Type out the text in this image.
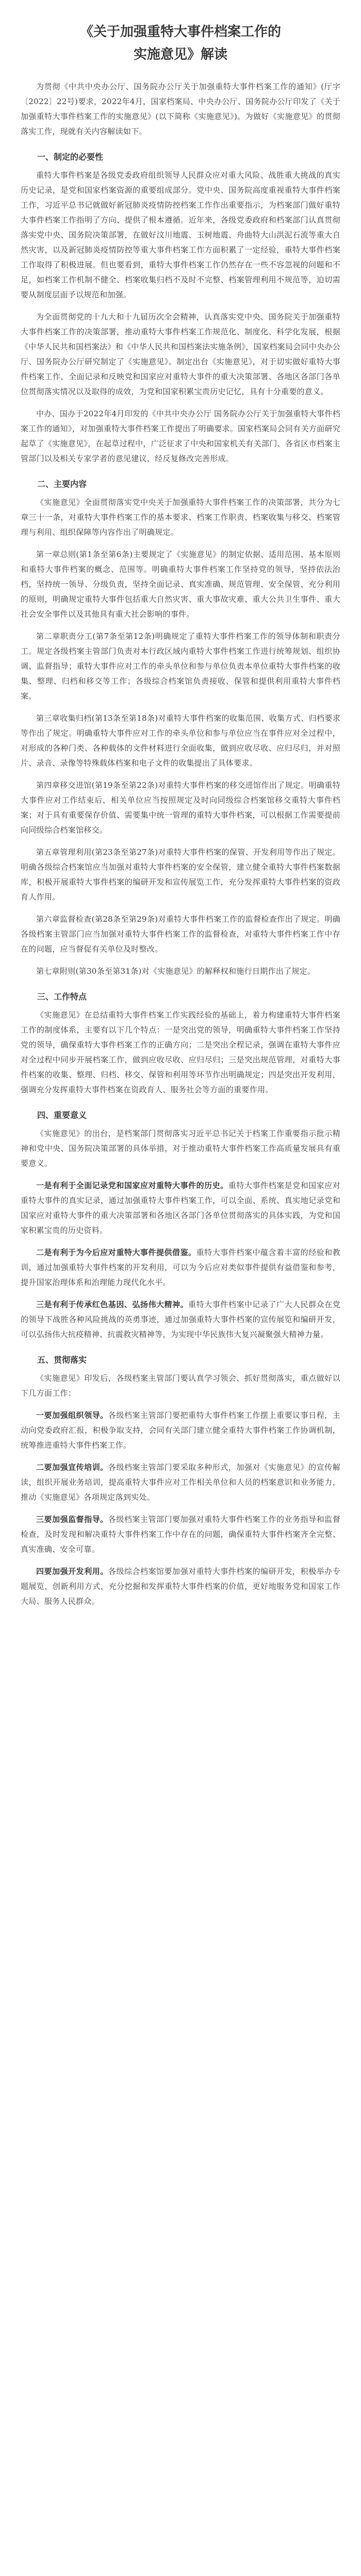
《关于加强重特大事件档案工作的
实施意见》解读

为贯彻《中共中央办公厅、国务院办公厅关于加强重特大事件档案工作的通知》(厅字〔2022〕22号)要求，2022年4月，国家档案局、中央办公厅、国务院办公厅印发了《关于加强重特大事件档案工作的实施意见》(以下简称《实施意见》)。为做好《实施意见》的贯彻落实工作，现就有关内容解读如下。

一、制定的必要性

重特大事件档案是各级党委政府组织领导人民群众应对重大风险、战胜重大挑战的真实历史记录，是党和国家档案资源的重要组成部分。党中央、国务院高度重视重特大事件档案工作，习近平总书记就做好新冠肺炎疫情防控档案工作作出重要指示，为档案部门做好重特大事件档案工作指明了方向、提供了根本遵循。近年来，各级党委政府和档案部门认真贯彻落实党中央、国务院决策部署，在做好汶川地震、玉树地震、舟曲特大山洪泥石流等重大自然灾害，以及新冠肺炎疫情防控等重大事件档案工作方面积累了一定经验，重特大事件档案工作取得了积极进展。但也要看到，重特大事件档案工作仍然存在一些不容忽视的问题和不足，如档案工作机制不健全、档案收集归档不及时不完整、档案管理利用不规范等，迫切需要从制度层面予以规范和加强。

为全面贯彻党的十九大和十九届历次全会精神，认真落实党中央、国务院关于加强重特大事件档案工作的决策部署，推动重特大事件档案工作规范化、制度化、科学化发展，根据《中华人民共和国档案法》和《中华人民共和国档案法实施条例》，国家档案局会同中央办公厅、国务院办公厅研究制定了《实施意见》。制定出台《实施意见》，对于切实做好重特大事件档案工作，全面记录和反映党和国家应对重特大事件的重大决策部署、各地区各部门各单位贯彻落实情况以及取得的成效，为党和国家积累宝贵历史记忆，具有十分重要的意义。

中办、国办于2022年4月印发的《中共中央办公厅 国务院办公厅关于加强重特大事件档案工作的通知》，对加强重特大事件档案工作提出了明确要求。国家档案局会同有关方面研究起草了《实施意见》，在起草过程中，广泛征求了中央和国家机关有关部门、各省区市档案主管部门以及相关专家学者的意见建议，经反复修改完善形成。

二、主要内容

《实施意见》全面贯彻落实党中央关于加强重特大事件档案工作的决策部署，共分为七章三十一条，对重特大事件档案工作的基本要求、档案工作职责、档案收集与移交、档案管理与利用、组织保障等内容作出了明确规定。

第一章总则(第1条至第6条)主要规定了《实施意见》的制定依据、适用范围、基本原则和重特大事件档案的概念、范围等。明确重特大事件档案工作坚持党的领导，坚持依法治档，坚持统一领导、分级负责，坚持全面记录、真实准确、规范管理、安全保管、充分利用的原则，明确规定重特大事件包括重大自然灾害、重大事故灾难、重大公共卫生事件、重大社会安全事件以及其他具有重大社会影响的事件。

第二章职责分工(第7条至第12条)明确规定了重特大事件档案工作的领导体制和职责分工。规定各级档案主管部门负责对本行政区域内重特大事件档案工作进行统筹规划、组织协调、监督指导；重特大事件应对工作的牵头单位和参与单位负责本单位重特大事件档案的收集、整理、归档和移交等工作；各级综合档案馆负责接收、保管和提供利用重特大事件档案。

第三章收集归档(第13条至第18条)对重特大事件档案的收集范围、收集方式、归档要求等作出了规定。明确重特大事件应对工作的牵头单位和参与单位应当在事件应对全过程中，对形成的各种门类、各种载体的文件材料进行全面收集，做到应收尽收、应归尽归，并对照片、录音、录像等特殊载体档案和电子文件的收集提出了具体要求。

第四章移交进馆(第19条至第22条)对重特大事件档案的移交进馆作出了规定。明确重特大事件应对工作结束后，相关单位应当按照规定及时向同级综合档案馆移交重特大事件档案；对于具有重要保存价值、需要集中统一管理的重特大事件档案，可以根据工作需要提前向同级综合档案馆移交。

第五章管理利用(第23条至第27条)对重特大事件档案的保管、开发利用等作出了规定。明确各级综合档案馆应当加强对重特大事件档案的安全保管，建立健全重特大事件档案数据库，积极开展重特大事件档案的编研开发和宣传展览工作，充分发挥重特大事件档案的资政育人作用。

第六章监督检查(第28条至第29条)对重特大事件档案工作的监督检查作出了规定。明确各级档案主管部门应当加强对重特大事件档案工作的监督检查，对重特大事件档案工作中存在的问题，应当督促有关单位及时整改。

第七章附则(第30条至第31条)对《实施意见》的解释权和施行日期作出了规定。

三、工作特点

《实施意见》在总结重特大事件档案工作实践经验的基础上，着力构建重特大事件档案工作的制度体系，主要有以下几个特点：一是突出党的领导，明确重特大事件档案工作坚持党的领导，确保重特大事件档案工作的正确方向；二是突出全程记录，强调在重特大事件应对全过程中同步开展档案工作，做到应收尽收、应归尽归；三是突出规范管理，对重特大事件档案的收集、整理、归档、移交、保管和利用等环节作出明确规定；四是突出开发利用，强调充分发挥重特大事件档案在资政育人、服务社会等方面的重要作用。

四、重要意义

《实施意见》的出台，是档案部门贯彻落实习近平总书记关于档案工作重要指示批示精神和党中央、国务院决策部署的具体举措，对于推动重特大事件档案工作高质量发展具有重要意义。

一是有利于全面记录党和国家应对重特大事件的历史。重特大事件档案是党和国家应对重特大事件的真实记录，通过加强重特大事件档案工作，可以全面、系统、真实地记录党和国家应对重特大事件的重大决策部署和各地区各部门各单位贯彻落实的具体实践，为党和国家积累宝贵的历史资料。

二是有利于为今后应对重特大事件提供借鉴。重特大事件档案中蕴含着丰富的经验和教训，通过加强重特大事件档案的开发利用，可以为今后应对类似事件提供有益借鉴和参考，提升国家治理体系和治理能力现代化水平。

三是有利于传承红色基因、弘扬伟大精神。重特大事件档案中记录了广大人民群众在党的领导下战胜各种风险挑战的英勇事迹，通过加强重特大事件档案的宣传展览和编研开发，可以弘扬伟大抗疫精神、抗震救灾精神等，为实现中华民族伟大复兴凝聚强大精神力量。

五、贯彻落实

《实施意见》印发后，各级档案主管部门要认真学习领会、抓好贯彻落实，重点做好以下几方面工作：

一要加强组织领导。各级档案主管部门要把重特大事件档案工作摆上重要议事日程，主动向党委政府汇报，积极争取支持，会同有关部门建立健全重特大事件档案工作协调机制，统筹推进重特大事件档案工作。

二要加强宣传培训。各级档案主管部门要采取多种形式，加强对《实施意见》的宣传解读，组织开展业务培训，提高重特大事件应对工作相关单位和人员的档案意识和业务能力，推动《实施意见》各项规定落到实处。

三要加强监督指导。各级档案主管部门要加强对重特大事件档案工作的业务指导和监督检查，及时发现和解决重特大事件档案工作中存在的问题，确保重特大事件档案齐全完整、真实准确、安全可靠。

四要加强开发利用。各级综合档案馆要加强对重特大事件档案的编研开发，积极举办专题展览，创新利用方式，充分挖掘和发挥重特大事件档案的价值，更好地服务党和国家工作大局、服务人民群众。
